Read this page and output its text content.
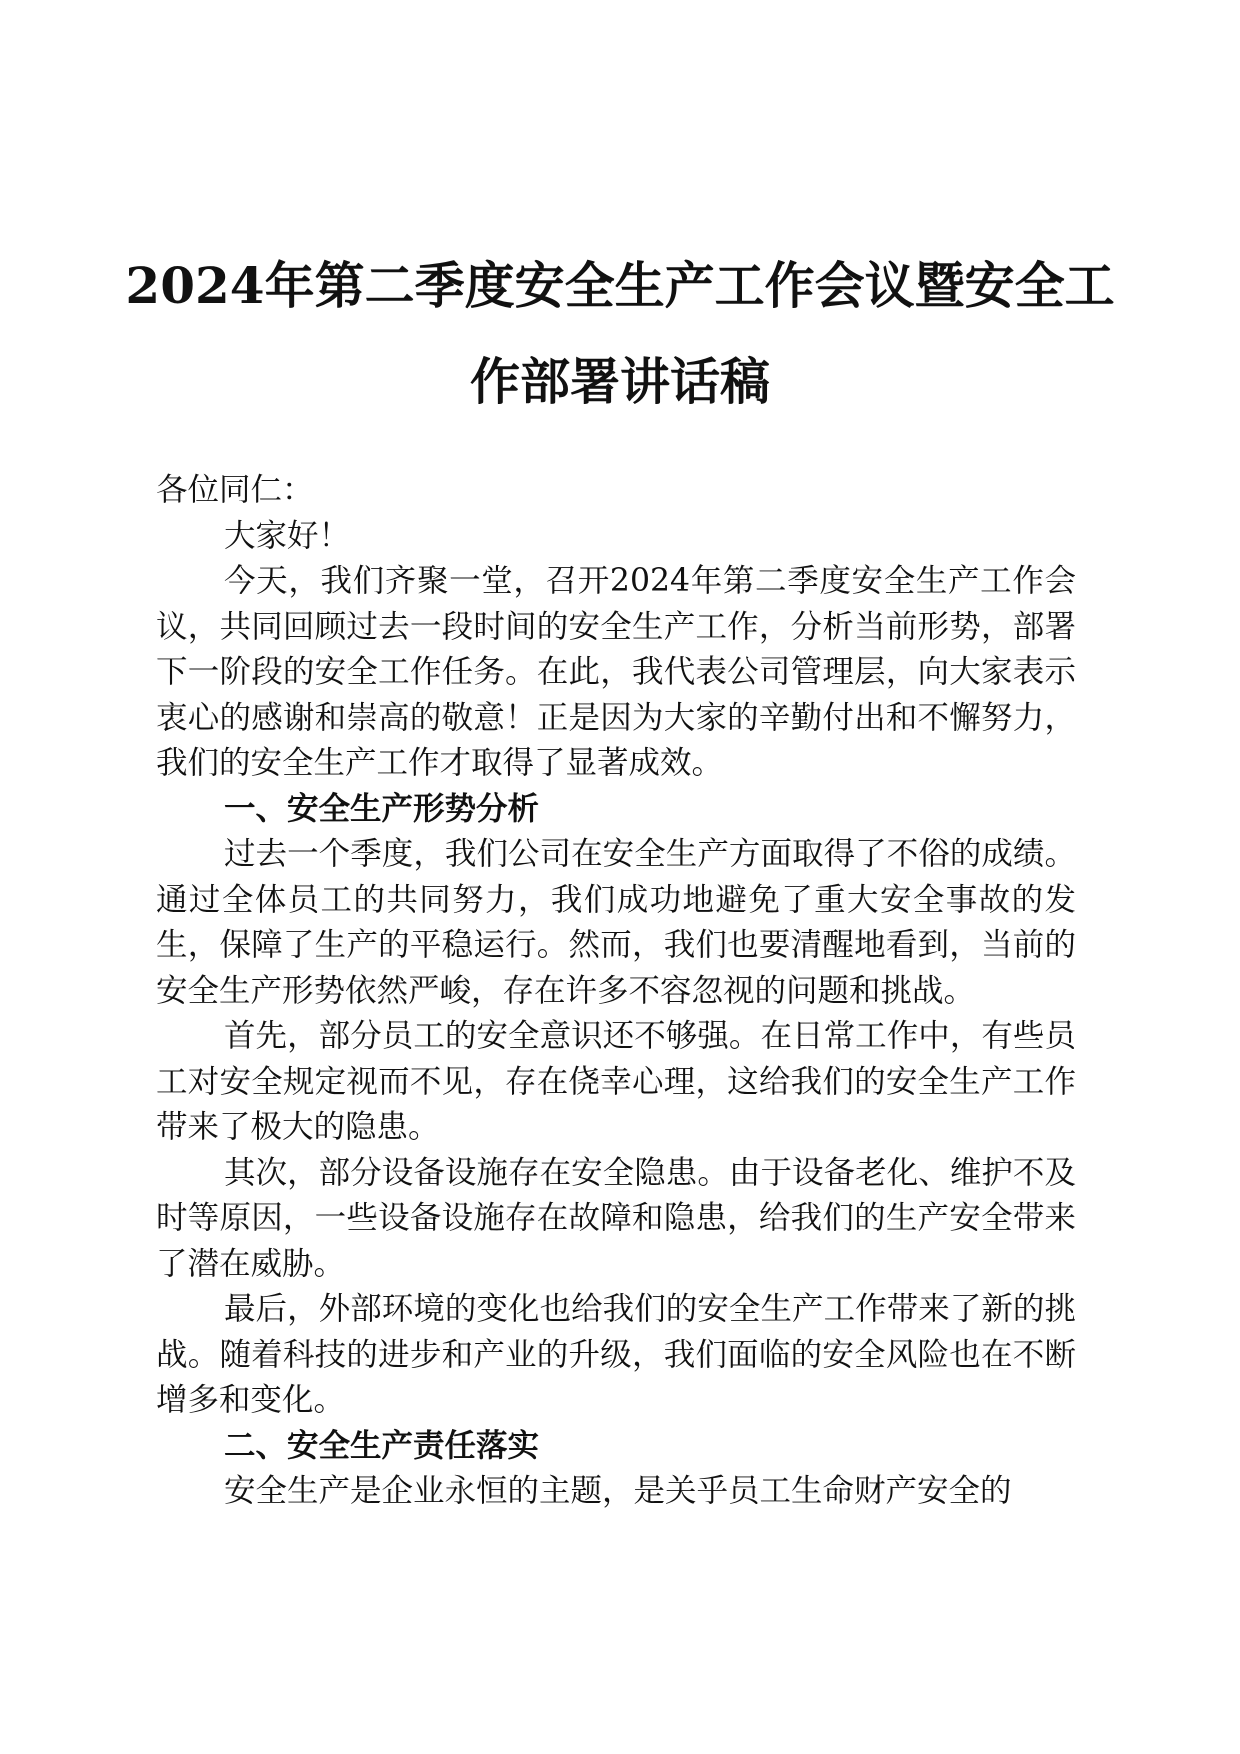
2024年第二季度安全生产工作会议暨安全工
作部署讲话稿

各位同仁：

大家好！

今天，我们齐聚一堂，召开2024年第二季度安全生产工作会议，共同回顾过去一段时间的安全生产工作，分析当前形势，部署下一阶段的安全工作任务。在此，我代表公司管理层，向大家表示衷心的感谢和崇高的敬意！正是因为大家的辛勤付出和不懈努力，我们的安全生产工作才取得了显著成效。

一、安全生产形势分析

过去一个季度，我们公司在安全生产方面取得了不俗的成绩。通过全体员工的共同努力，我们成功地避免了重大安全事故的发生，保障了生产的平稳运行。然而，我们也要清醒地看到，当前的安全生产形势依然严峻，存在许多不容忽视的问题和挑战。

首先，部分员工的安全意识还不够强。在日常工作中，有些员工对安全规定视而不见，存在侥幸心理，这给我们的安全生产工作带来了极大的隐患。

其次，部分设备设施存在安全隐患。由于设备老化、维护不及时等原因，一些设备设施存在故障和隐患，给我们的生产安全带来了潜在威胁。

最后，外部环境的变化也给我们的安全生产工作带来了新的挑战。随着科技的进步和产业的升级，我们面临的安全风险也在不断增多和变化。

二、安全生产责任落实

安全生产是企业永恒的主题，是关乎员工生命财产安全的
